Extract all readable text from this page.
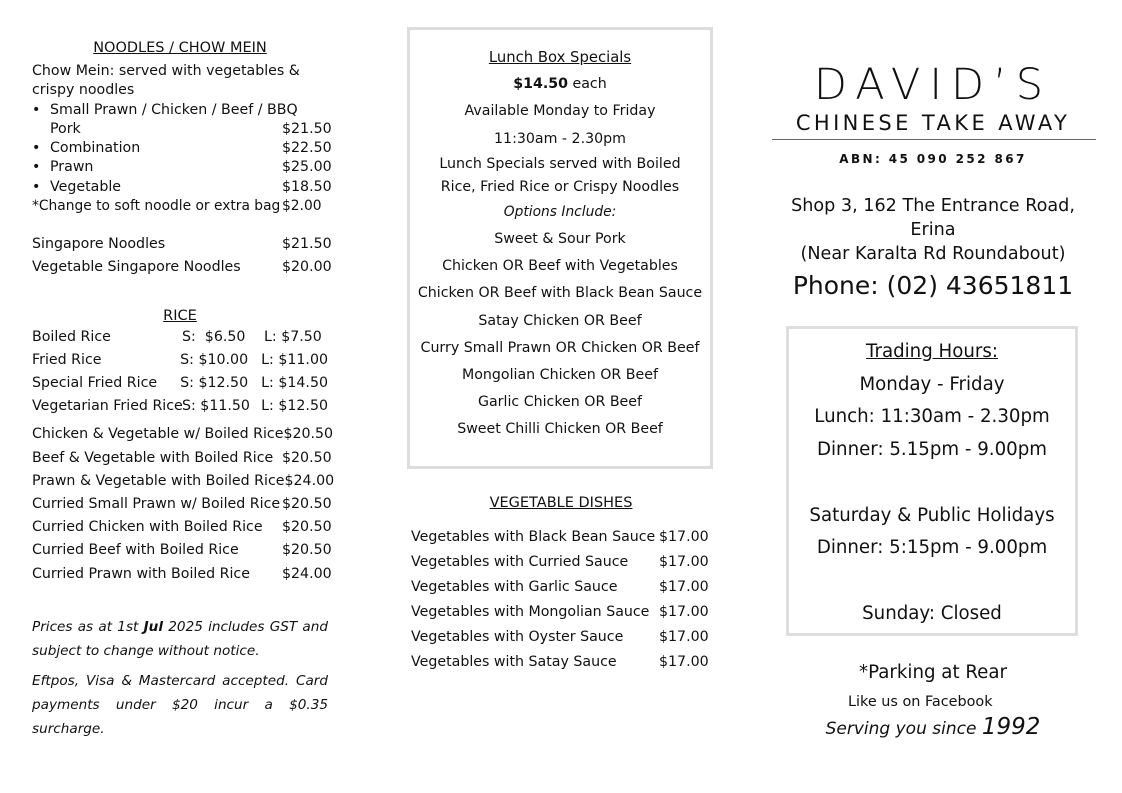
NOODLES / CHOW MEIN
Chow Mein: served with vegetables & crispy noodles
• Small Prawn / Chicken / Beef / BBQ
Pork	$21.50
• Combination	$22.50
• Prawn	$25.00
• Vegetable	$18.50
*Change to soft noodle or extra bag $2.00
Singapore Noodles	$21.50
Vegetable Singapore Noodles	$20.00
RICE
Boiled Rice	S:  $6.50	L: $7.50
Fried Rice	S: $10.00 L: $11.00
Special Fried Rice	S: $12.50 L: $14.50
Vegetarian Fried Rice S: $11.50 L: $12.50
Chicken & Vegetable w/ Boiled Rice $20.50
Beef & Vegetable with Boiled Rice $20.50
Prawn & Vegetable with Boiled Rice $24.00
Curried Small Prawn w/ Boiled Rice $20.50
Curried Chicken with Boiled Rice $20.50
Curried Beef with Boiled Rice	$20.50
Curried Prawn with Boiled Rice $24.00
Prices as at 1st Jul 2025 includes GST and subject to change without notice.
Eftpos, Visa & Mastercard accepted. Card payments under $20 incur a $0.35 surcharge.
Lunch Box Specials
$14.50 each
Available Monday to Friday
11:30am - 2.30pm
Lunch Specials served with Boiled Rice, Fried Rice or Crispy Noodles
Options Include:
Sweet & Sour Pork
Chicken OR Beef with Vegetables
Chicken OR Beef with Black Bean Sauce
Satay Chicken OR Beef
Curry Small Prawn OR Chicken OR Beef
Mongolian Chicken OR Beef
Garlic Chicken OR Beef
Sweet Chilli Chicken OR Beef
VEGETABLE DISHES
Vegetables with Black Bean Sauce $17.00
Vegetables with Curried Sauce	$17.00
Vegetables with Garlic Sauce	$17.00
Vegetables with Mongolian Sauce $17.00
Vegetables with Oyster Sauce	$17.00
Vegetables with Satay Sauce	$17.00
DAVID’S
CHINESE TAKE AWAY
ABN: 45 090 252 867
Shop 3, 162 The Entrance Road, Erina
(Near Karalta Rd Roundabout)
Phone: (02) 43651811
Trading Hours:
Monday - Friday
Lunch: 11:30am - 2.30pm
Dinner: 5.15pm - 9.00pm
Saturday & Public Holidays
Dinner: 5:15pm - 9.00pm
Sunday: Closed
*Parking at Rear
Like us on Facebook
Serving you since 1992
